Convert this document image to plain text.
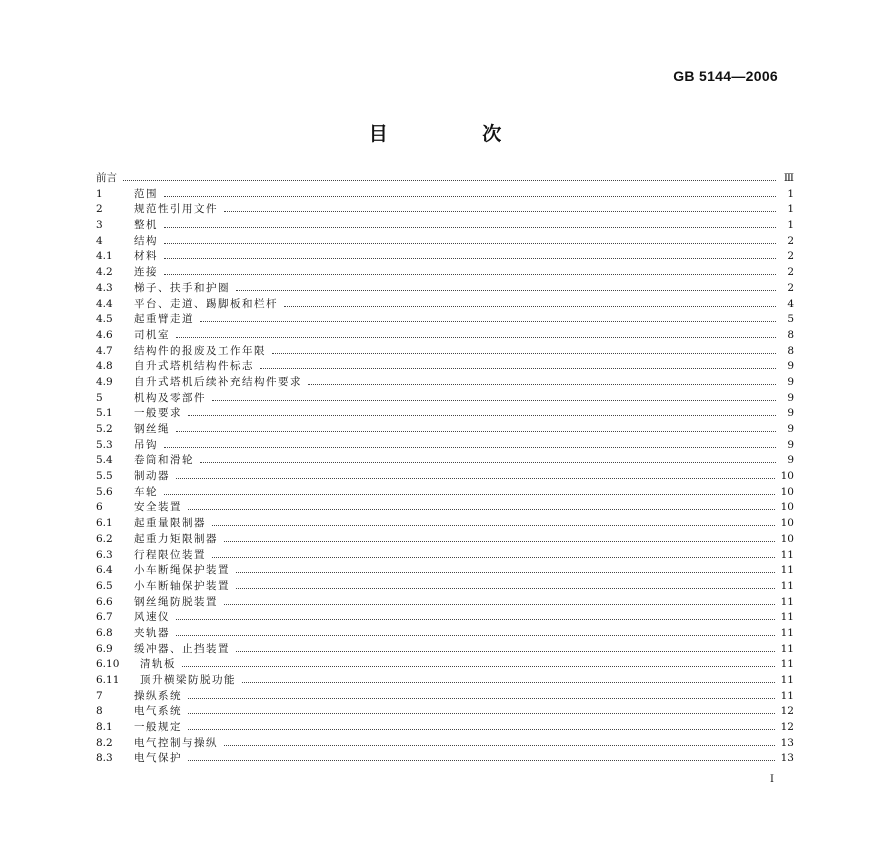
GB 5144—2006
目 次
前言	Ⅲ
1	范围	1
2	规范性引用文件	1
3	整机	1
4	结构	2
4.1	材料	2
4.2	连接	2
4.3	梯子、扶手和护圈	2
4.4	平台、走道、踢脚板和栏杆	4
4.5	起重臂走道	5
4.6	司机室	8
4.7	结构件的报废及工作年限	8
4.8	自升式塔机结构件标志	9
4.9	自升式塔机后续补充结构件要求	9
5	机构及零部件	9
5.1	一般要求	9
5.2	钢丝绳	9
5.3	吊钩	9
5.4	卷筒和滑轮	9
5.5	制动器	10
5.6	车轮	10
6	安全装置	10
6.1	起重量限制器	10
6.2	起重力矩限制器	10
6.3	行程限位装置	11
6.4	小车断绳保护装置	11
6.5	小车断轴保护装置	11
6.6	钢丝绳防脱装置	11
6.7	风速仪	11
6.8	夹轨器	11
6.9	缓冲器、止挡装置	11
6.10	清轨板	11
6.11	顶升横梁防脱功能	11
7	操纵系统	11
8	电气系统	12
8.1	一般规定	12
8.2	电气控制与操纵	13
8.3	电气保护	13
Ⅰ
